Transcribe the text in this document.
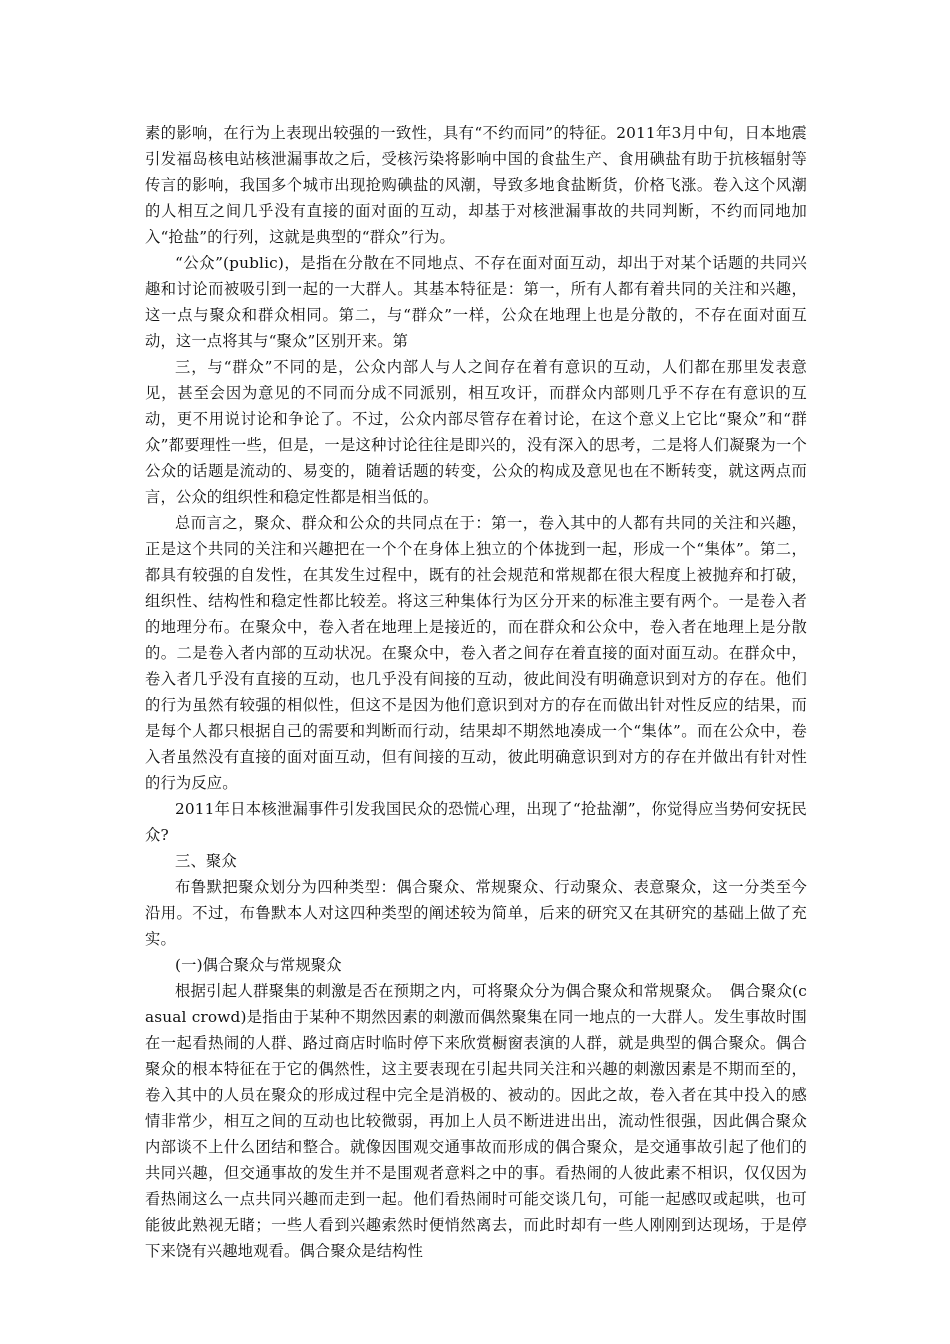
素的影响，在行为上表现出较强的一致性，具有“不约而同”的特征。2011年3月中旬，日本地震引发福岛核电站核泄漏事故之后，受核污染将影响中国的食盐生产、食用碘盐有助于抗核辐射等传言的影响，我国多个城市出现抢购碘盐的风潮，导致多地食盐断货，价格飞涨。卷入这个风潮的人相互之间几乎没有直接的面对面的互动，却基于对核泄漏事故的共同判断，不约而同地加入“抢盐”的行列，这就是典型的“群众”行为。

“公众”(public)，是指在分散在不同地点、不存在面对面互动，却出于对某个话题的共同兴趣和讨论而被吸引到一起的一大群人。其基本特征是：第一，所有人都有着共同的关注和兴趣，这一点与聚众和群众相同。第二，与“群众”一样，公众在地理上也是分散的，不存在面对面互动，这一点将其与“聚众”区别开来。第

三，与“群众”不同的是，公众内部人与人之间存在着有意识的互动，人们都在那里发表意见，甚至会因为意见的不同而分成不同派别，相互攻讦，而群众内部则几乎不存在有意识的互动，更不用说讨论和争论了。不过，公众内部尽管存在着讨论，在这个意义上它比“聚众”和“群众”都要理性一些，但是，一是这种讨论往往是即兴的，没有深入的思考，二是将人们凝聚为一个公众的话题是流动的、易变的，随着话题的转变，公众的构成及意见也在不断转变，就这两点而言，公众的组织性和稳定性都是相当低的。

总而言之，聚众、群众和公众的共同点在于：第一，卷入其中的人都有共同的关注和兴趣，正是这个共同的关注和兴趣把在一个个在身体上独立的个体拢到一起，形成一个“集体”。第二，都具有较强的自发性，在其发生过程中，既有的社会规范和常规都在很大程度上被抛弃和打破，组织性、结构性和稳定性都比较差。将这三种集体行为区分开来的标准主要有两个。一是卷入者的地理分布。在聚众中，卷入者在地理上是接近的，而在群众和公众中，卷入者在地理上是分散的。二是卷入者内部的互动状况。在聚众中，卷入者之间存在着直接的面对面互动。在群众中，卷入者几乎没有直接的互动，也几乎没有间接的互动，彼此间没有明确意识到对方的存在。他们的行为虽然有较强的相似性，但这不是因为他们意识到对方的存在而做出针对性反应的结果，而是每个人都只根据自己的需要和判断而行动，结果却不期然地凑成一个“集体”。而在公众中，卷入者虽然没有直接的面对面互动，但有间接的互动，彼此明确意识到对方的存在并做出有针对性的行为反应。

2011年日本核泄漏事件引发我国民众的恐慌心理，出现了“抢盐潮”，你觉得应当势何安抚民众?

三、聚众

布鲁默把聚众划分为四种类型：偶合聚众、常规聚众、行动聚众、表意聚众，这一分类至今沿用。不过，布鲁默本人对这四种类型的阐述较为简单，后来的研究又在其研究的基础上做了充实。

(一)偶合聚众与常规聚众

根据引起人群聚集的刺激是否在预期之内，可将聚众分为偶合聚众和常规聚众。　偶合聚众(casual crowd)是指由于某种不期然因素的刺激而偶然聚集在同一地点的一大群人。发生事故时围在一起看热闹的人群、路过商店时临时停下来欣赏橱窗表演的人群，就是典型的偶合聚众。偶合聚众的根本特征在于它的偶然性，这主要表现在引起共同关注和兴趣的刺激因素是不期而至的，卷入其中的人员在聚众的形成过程中完全是消极的、被动的。因此之故，卷入者在其中投入的感情非常少，相互之间的互动也比较微弱，再加上人员不断进进出出，流动性很强，因此偶合聚众内部谈不上什么团结和整合。就像因围观交通事故而形成的偶合聚众，是交通事故引起了他们的共同兴趣，但交通事故的发生并不是围观者意料之中的事。看热闹的人彼此素不相识，仅仅因为看热闹这么一点共同兴趣而走到一起。他们看热闹时可能交谈几句，可能一起感叹或起哄，也可能彼此熟视无睹；一些人看到兴趣索然时便悄然离去，而此时却有一些人刚刚到达现场，于是停下来饶有兴趣地观看。偶合聚众是结构性
